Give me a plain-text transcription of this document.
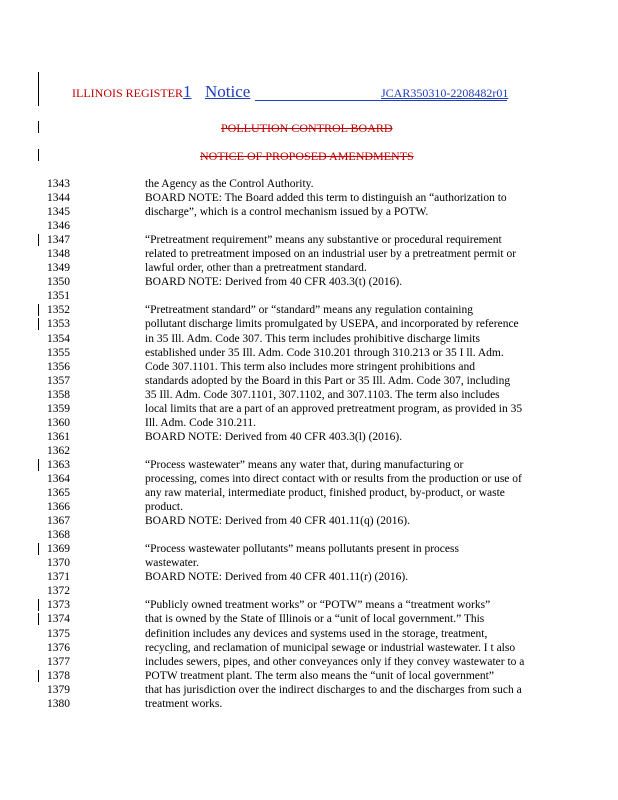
ILLINOIS REGISTER 1 Notice	JCAR350310-2208482r01
POLLUTION CONTROL BOARD
NOTICE OF PROPOSED AMENDMENTS
1343	the Agency as the Control Authority.
1344	BOARD NOTE: The Board added this term to distinguish an “authorization to
1345	discharge”, which is a control mechanism issued by a POTW.
1346
1347	“Pretreatment requirement” means any substantive or procedural requirement
1348	related to pretreatment imposed on an industrial user by a pretreatment permit or
1349	lawful order, other than a pretreatment standard.
1350	BOARD NOTE: Derived from 40 CFR 403.3(t) (2016).
1351
1352	“Pretreatment standard” or “standard” means any regulation containing
1353	pollutant discharge limits promulgated by USEPA, and incorporated by reference
1354	in 35 Ill. Adm. Code 307. This term includes prohibitive discharge limits
1355	established under 35 Ill. Adm. Code 310.201 through 310.213 or 35 I ll. Adm.
1356	Code 307.1101. This term also includes more stringent prohibitions and
1357	standards adopted by the Board in this Part or 35 Ill. Adm. Code 307, including
1358	35 Ill. Adm. Code 307.1101, 307.1102, and 307.1103. The term also includes
1359	local limits that are a part of an approved pretreatment program, as provided in 35
1360	Ill. Adm. Code 310.211.
1361	BOARD NOTE: Derived from 40 CFR 403.3(l) (2016).
1362
1363	“Process wastewater” means any water that, during manufacturing or
1364	processing, comes into direct contact with or results from the production or use of
1365	any raw material, intermediate product, finished product, by-product, or waste
1366	product.
1367	BOARD NOTE: Derived from 40 CFR 401.11(q) (2016).
1368
1369	“Process wastewater pollutants” means pollutants present in process
1370	wastewater.
1371	BOARD NOTE: Derived from 40 CFR 401.11(r) (2016).
1372
1373	“Publicly owned treatment works” or “POTW” means a “treatment works”
1374	that is owned by the State of Illinois or a “unit of local government.” This
1375	definition includes any devices and systems used in the storage, treatment,
1376	recycling, and reclamation of municipal sewage or industrial wastewater. I t also
1377	includes sewers, pipes, and other conveyances only if they convey wastewater to a
1378	POTW treatment plant. The term also means the “unit of local government”
1379	that has jurisdiction over the indirect discharges to and the discharges from such a
1380	treatment works.
